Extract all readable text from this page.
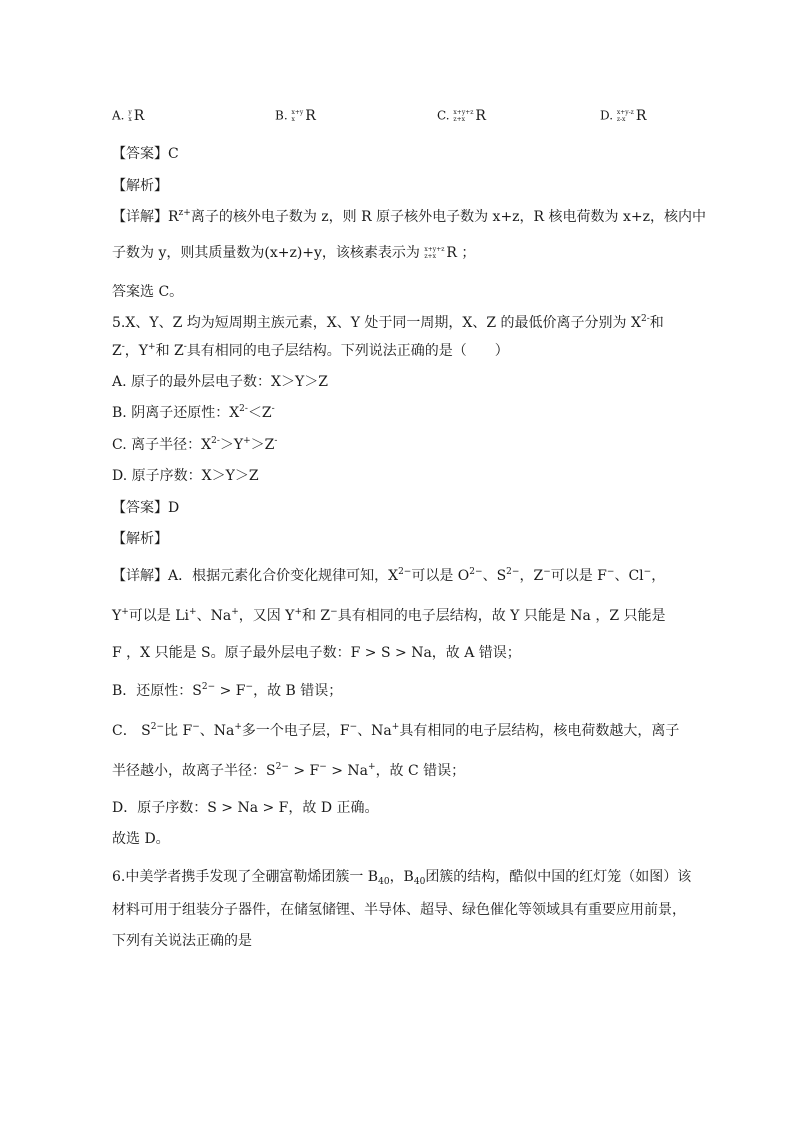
A. y
x R	B. x+y
x R	C. x+y+z
z+x R	D. x+y-z
z-x R
【答案】C
【解析】
【详解】$R^{z+}$离子的核外电子数为 z，则 R 原子核外电子数为 x+z，R 核电荷数为 x+z，核内中
子数为 y，则其质量数为(x+z)+y，该核素表示为 x+y+z
z+x R ；
答案选 C。
5.X、Y、Z 均为短周期主族元素，X、Y 处于同一周期，X、Z 的最低价离子分别为 $X^{2-}$和
Z-，Y+和 Z-具有相同的电子层结构。下列说法正确的是（　　）
A. 原子的最外层电子数：X＞Y＞Z
B. 阴离子还原性：$X^{2-}<Z^-$
C. 离子半径：$X^{2-}>Y^+>Z^-$
D. 原子序数：X＞Y＞Z
【答案】D
【解析】
【详解】A．根据元素化合价变化规律可知，$X^{2-}$可以是 $O^{2-}$、$S^{2-}$，Z−可以是 F−、Cl−，
Y+可以是 Li+、Na+，又因 Y+和 Z−具有相同的电子层结构，故 Y 只能是 Na ，Z 只能是
F ，X 只能是 S。原子最外层电子数：F > S > Na，故 A 错误；
B．还原性：$S^{2-} > F^-$，故 B 错误；
C． $S^{2-}$比 F−、Na+多一个电子层，F−、Na+具有相同的电子层结构，核电荷数越大，离子
半径越小，故离子半径：$S^{2-} > F^- > Na^+$，故 C 错误；
D．原子序数：S > Na > F，故 D 正确。
故选 D。
6.中美学者携手发现了全硼富勒烯团簇一 $B_{40}$，$B_{40}$团簇的结构，酷似中国的红灯笼（如图）该
材料可用于组装分子器件，在储氢储锂、半导体、超导、绿色催化等领域具有重要应用前景，
下列有关说法正确的是
